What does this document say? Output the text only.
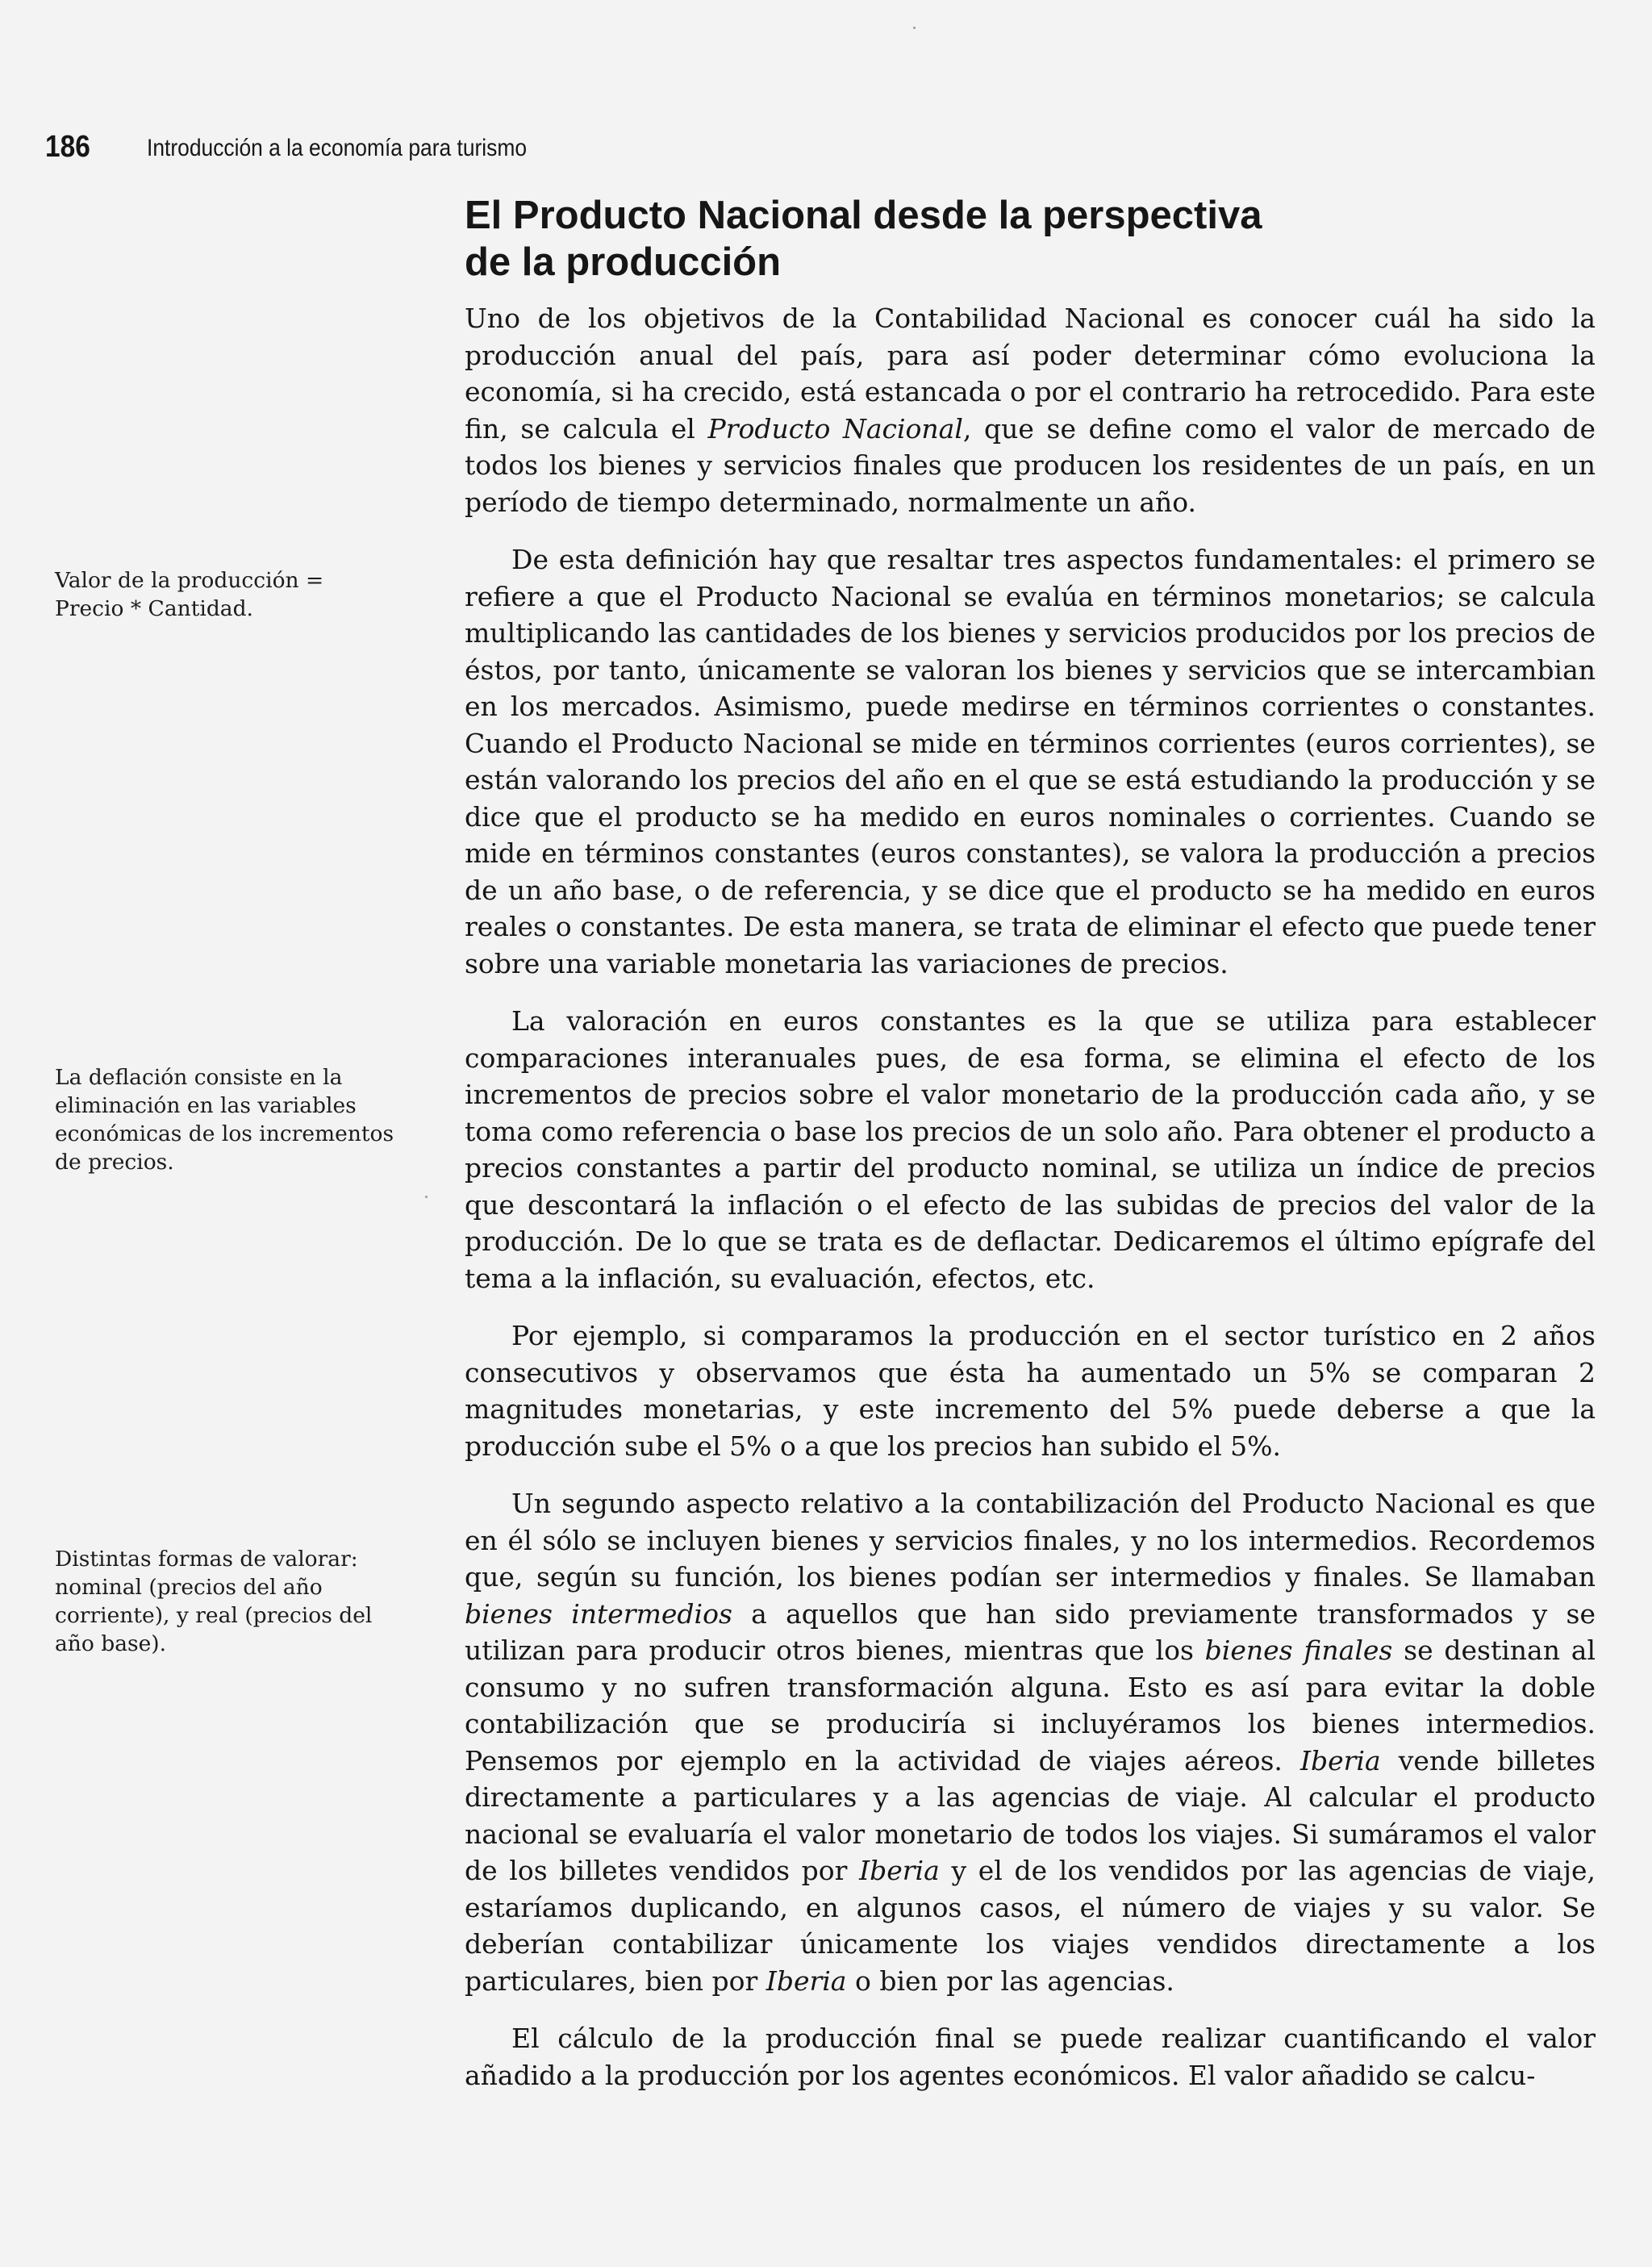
186 Introducción a la economía para turismo
El Producto Nacional desde la perspectiva
de la producción
Valor de la producción =
Precio * Cantidad.
La deflación consiste en la eliminación en las variables económicas de los incrementos de precios.
Distintas formas de valorar: nominal (precios del año corriente), y real (precios del año base).

Uno de los objetivos de la Contabilidad Nacional es conocer cuál ha sido la producción anual del país, para así poder determinar cómo evoluciona la economía, si ha crecido, está estancada o por el contrario ha retrocedido. Para este fin, se calcula el Producto Nacional, que se define como el valor de mercado de todos los bienes y servicios finales que producen los residentes de un país, en un período de tiempo determinado, normalmente un año.

De esta definición hay que resaltar tres aspectos fundamentales: el primero se refiere a que el Producto Nacional se evalúa en términos monetarios; se calcula multiplicando las cantidades de los bienes y servicios producidos por los precios de éstos, por tanto, únicamente se valoran los bienes y servicios que se intercambian en los mercados. Asimismo, puede medirse en términos corrientes o constantes. Cuando el Producto Nacional se mide en términos corrientes (euros corrientes), se están valorando los precios del año en el que se está estudiando la producción y se dice que el producto se ha medido en euros nominales o corrientes. Cuando se mide en términos constantes (euros constantes), se valora la producción a precios de un año base, o de referencia, y se dice que el producto se ha medido en euros reales o constantes. De esta manera, se trata de eliminar el efecto que puede tener sobre una variable monetaria las variaciones de precios.

La valoración en euros constantes es la que se utiliza para establecer comparaciones interanuales pues, de esa forma, se elimina el efecto de los incrementos de precios sobre el valor monetario de la producción cada año, y se toma como referencia o base los precios de un solo año. Para obtener el producto a precios constantes a partir del producto nominal, se utiliza un índice de precios que descontará la inflación o el efecto de las subidas de precios del valor de la producción. De lo que se trata es de deflactar. Dedicaremos el último epígrafe del tema a la inflación, su evaluación, efectos, etc.

Por ejemplo, si comparamos la producción en el sector turístico en 2 años consecutivos y observamos que ésta ha aumentado un 5% se comparan 2 magnitudes monetarias, y este incremento del 5% puede deberse a que la producción sube el 5% o a que los precios han subido el 5%.

Un segundo aspecto relativo a la contabilización del Producto Nacional es que en él sólo se incluyen bienes y servicios finales, y no los intermedios. Recordemos que, según su función, los bienes podían ser intermedios y finales. Se llamaban bienes intermedios a aquellos que han sido previamente transformados y se utilizan para producir otros bienes, mientras que los bienes finales se destinan al consumo y no sufren transformación alguna. Esto es así para evitar la doble contabilización que se produciría si incluyéramos los bienes intermedios. Pensemos por ejemplo en la actividad de viajes aéreos. Iberia vende billetes directamente a particulares y a las agencias de viaje. Al calcular el producto nacional se evaluaría el valor monetario de todos los viajes. Si sumáramos el valor de los billetes vendidos por Iberia y el de los vendidos por las agencias de viaje, estaríamos duplicando, en algunos casos, el número de viajes y su valor. Se deberían contabilizar únicamente los viajes vendidos directamente a los particulares, bien por Iberia o bien por las agencias.

El cálculo de la producción final se puede realizar cuantificando el valor añadido a la producción por los agentes económicos. El valor añadido se calcu-
